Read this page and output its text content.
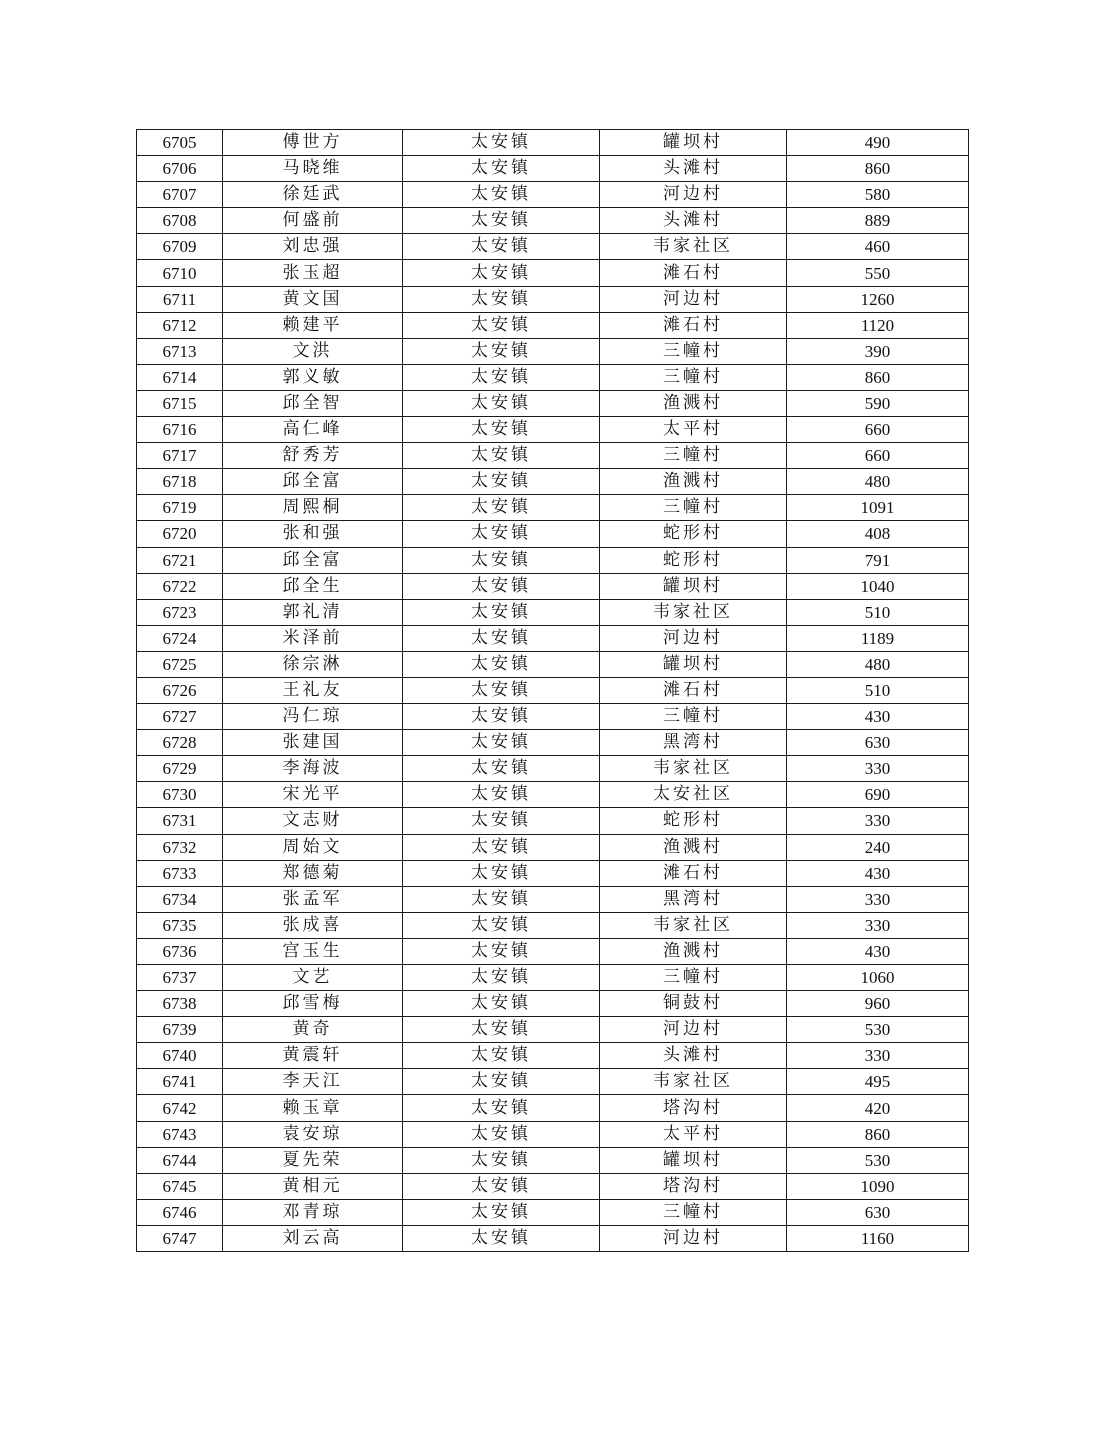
6705	傅世方	太安镇	罐坝村	490
6706	马晓维	太安镇	头滩村	860
6707	徐廷武	太安镇	河边村	580
6708	何盛前	太安镇	头滩村	889
6709	刘忠强	太安镇	韦家社区	460
6710	张玉超	太安镇	滩石村	550
6711	黄文国	太安镇	河边村	1260
6712	赖建平	太安镇	滩石村	1120
6713	文洪	太安镇	三幢村	390
6714	郭义敏	太安镇	三幢村	860
6715	邱全智	太安镇	渔溅村	590
6716	高仁峰	太安镇	太平村	660
6717	舒秀芳	太安镇	三幢村	660
6718	邱全富	太安镇	渔溅村	480
6719	周熙桐	太安镇	三幢村	1091
6720	张和强	太安镇	蛇形村	408
6721	邱全富	太安镇	蛇形村	791
6722	邱全生	太安镇	罐坝村	1040
6723	郭礼清	太安镇	韦家社区	510
6724	米泽前	太安镇	河边村	1189
6725	徐宗淋	太安镇	罐坝村	480
6726	王礼友	太安镇	滩石村	510
6727	冯仁琼	太安镇	三幢村	430
6728	张建国	太安镇	黑湾村	630
6729	李海波	太安镇	韦家社区	330
6730	宋光平	太安镇	太安社区	690
6731	文志财	太安镇	蛇形村	330
6732	周始文	太安镇	渔溅村	240
6733	郑德菊	太安镇	滩石村	430
6734	张孟军	太安镇	黑湾村	330
6735	张成喜	太安镇	韦家社区	330
6736	宫玉生	太安镇	渔溅村	430
6737	文艺	太安镇	三幢村	1060
6738	邱雪梅	太安镇	铜鼓村	960
6739	黄奇	太安镇	河边村	530
6740	黄震轩	太安镇	头滩村	330
6741	李天江	太安镇	韦家社区	495
6742	赖玉章	太安镇	塔沟村	420
6743	袁安琼	太安镇	太平村	860
6744	夏先荣	太安镇	罐坝村	530
6745	黄相元	太安镇	塔沟村	1090
6746	邓青琼	太安镇	三幢村	630
6747	刘云高	太安镇	河边村	1160
